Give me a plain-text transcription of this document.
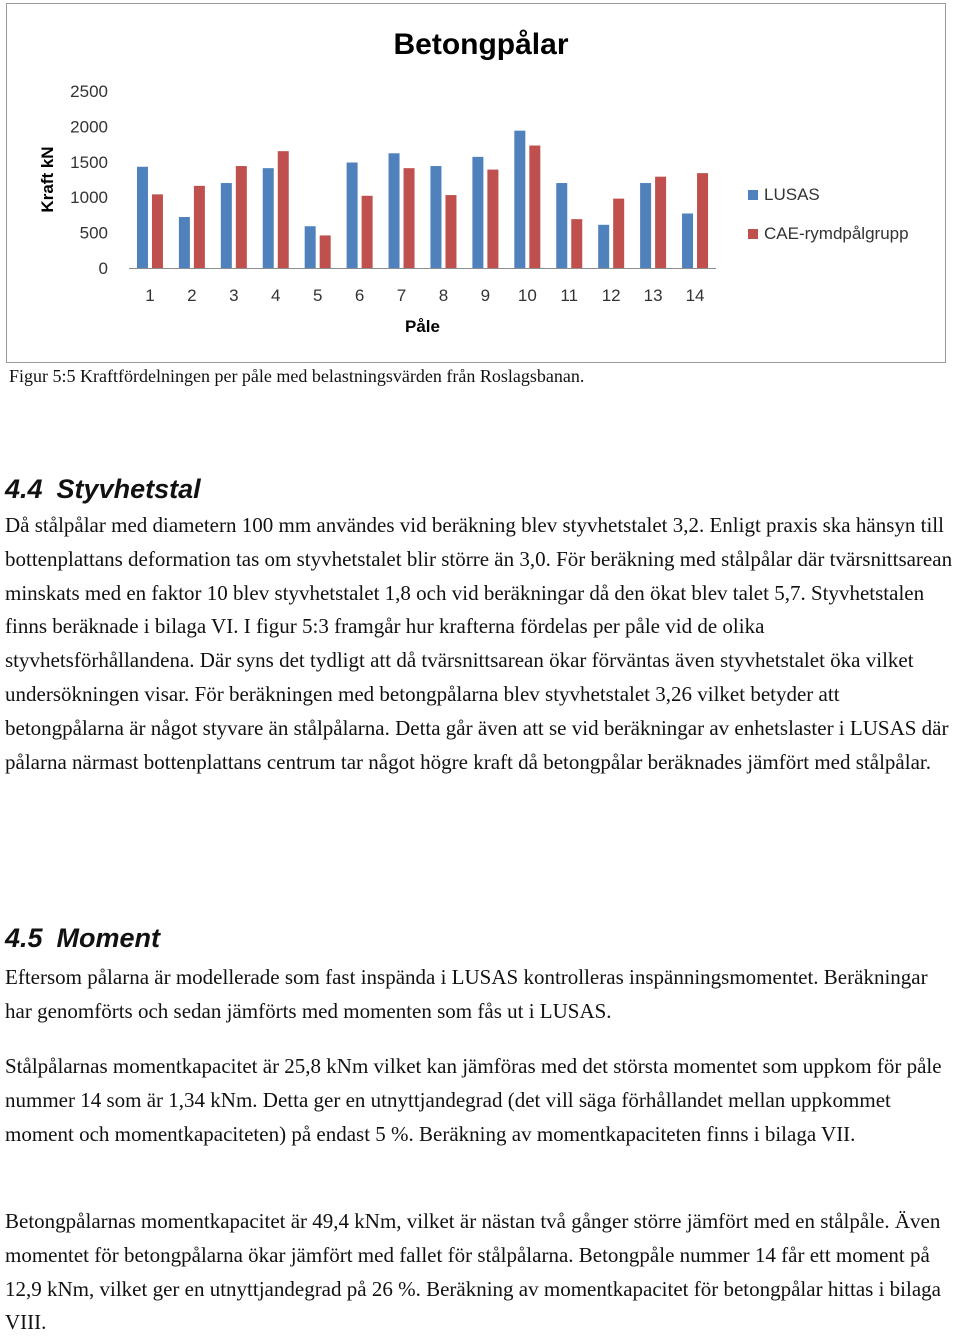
Betongpålar
0
500
1000
1500
2000
2500
Kraft kN
1 2 3 4 5 6 7 8 9 10 11 12 13 14
Påle
LUSAS
CAE-rymdpålgrupp
Figur 5:5 Kraftfördelningen per påle med belastningsvärden från Roslagsbanan.
4.4 Styvhetstal

Då stålpålar med diametern 100 mm användes vid beräkning blev styvhetstalet 3,2. Enligt praxis ska hänsyn till bottenplattans deformation tas om styvhetstalet blir större än 3,0. För beräkning med stålpålar där tvärsnittsarean minskats med en faktor 10 blev styvhetstalet 1,8 och vid beräkningar då den ökat blev talet 5,7. Styvhetstalen finns beräknade i bilaga VI. I figur 5:3 framgår hur krafterna fördelas per påle vid de olika styvhetsförhållandena. Där syns det tydligt att då tvärsnittsarean ökar förväntas även styvhetstalet öka vilket undersökningen visar. För beräkningen med betongpålarna blev styvhetstalet 3,26 vilket betyder att betongpålarna är något styvare än stålpålarna. Detta går även att se vid beräkningar av enhetslaster i LUSAS där pålarna närmast bottenplattans centrum tar något högre kraft då betongpålar beräknades jämfört med stålpålar.

4.5 Moment

Eftersom pålarna är modellerade som fast inspända i LUSAS kontrolleras inspänningsmomentet. Beräkningar har genomförts och sedan jämförts med momenten som fås ut i LUSAS.

Stålpålarnas momentkapacitet är 25,8 kNm vilket kan jämföras med det största momentet som uppkom för påle nummer 14 som är 1,34 kNm. Detta ger en utnyttjandegrad (det vill säga förhållandet mellan uppkommet moment och momentkapaciteten) på endast 5 %. Beräkning av momentkapaciteten finns i bilaga VII.

Betongpålarnas momentkapacitet är 49,4 kNm, vilket är nästan två gånger större jämfört med en stålpåle. Även momentet för betongpålarna ökar jämfört med fallet för stålpålarna. Betongpåle nummer 14 får ett moment på 12,9 kNm, vilket ger en utnyttjandegrad på 26 %. Beräkning av momentkapacitet för betongpålar hittas i bilaga VIII.
